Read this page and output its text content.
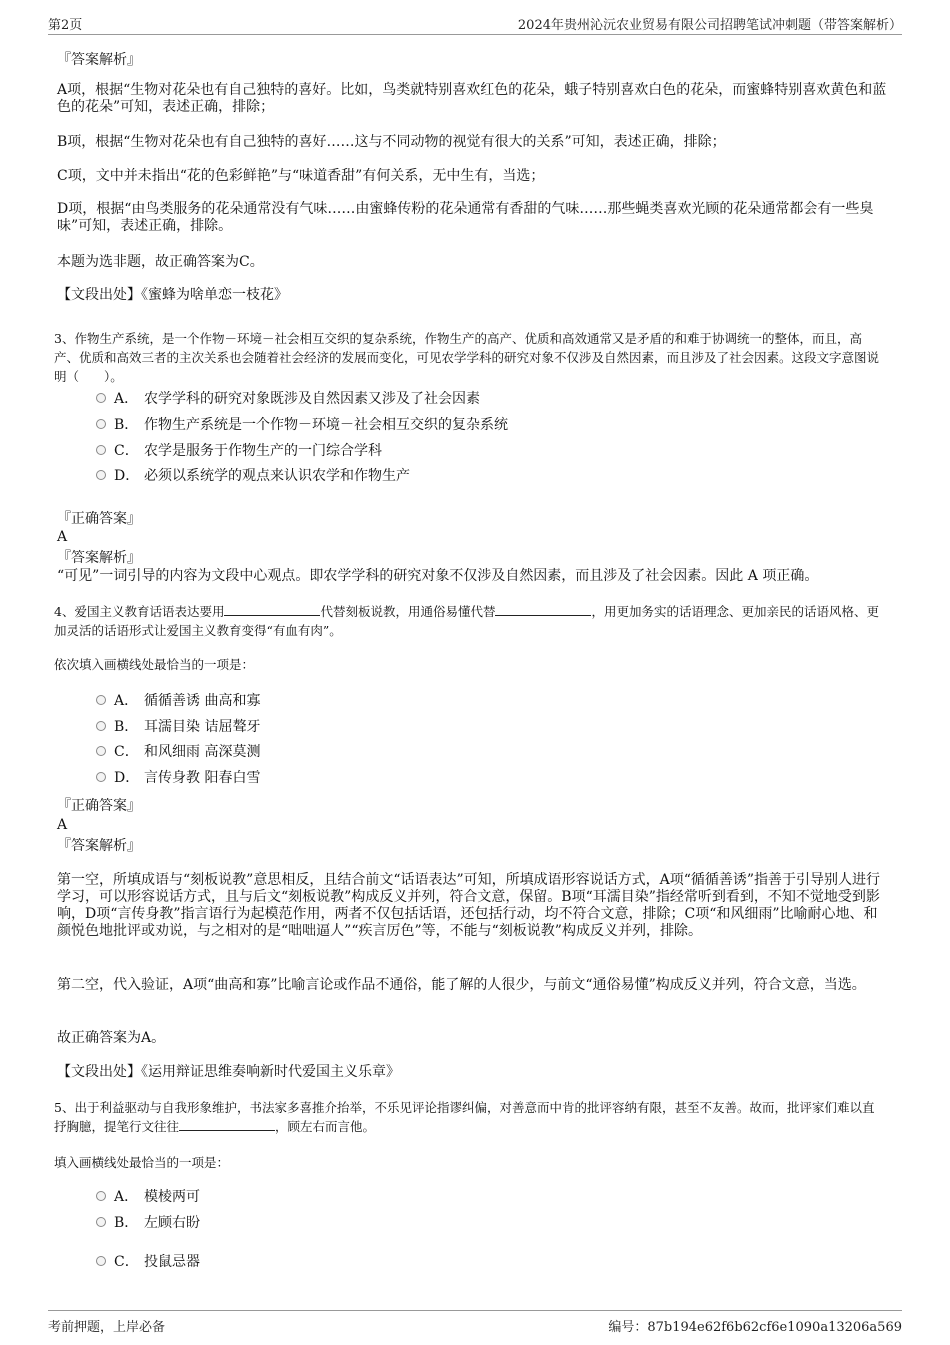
第2页	2024年贵州沁沅农业贸易有限公司招聘笔试冲刺题（带答案解析）
『答案解析』
A项，根据“生物对花朵也有自己独特的喜好。比如，鸟类就特别喜欢红色的花朵，蛾子特别喜欢白色的花朵，而蜜蜂特别喜欢黄色和蓝色的花朵”可知，表述正确，排除；
B项，根据“生物对花朵也有自己独特的喜好……这与不同动物的视觉有很大的关系”可知，表述正确，排除；
C项，文中并未指出“花的色彩鲜艳”与“味道香甜”有何关系，无中生有，当选；
D项，根据“由鸟类服务的花朵通常没有气味……由蜜蜂传粉的花朵通常有香甜的气味……那些蝇类喜欢光顾的花朵通常都会有一些臭味”可知，表述正确，排除。
本题为选非题，故正确答案为C。
【文段出处】《蜜蜂为啥单恋一枝花》
3、作物生产系统，是一个作物－环境－社会相互交织的复杂系统，作物生产的高产、优质和高效通常又是矛盾的和难于协调统一的整体，而且，高产、优质和高效三者的主次关系也会随着社会经济的发展而变化，可见农学学科的研究对象不仅涉及自然因素，而且涉及了社会因素。这段文字意图说明（　　）。
A． 农学学科的研究对象既涉及自然因素又涉及了社会因素
B． 作物生产系统是一个作物－环境－社会相互交织的复杂系统
C． 农学是服务于作物生产的一门综合学科
D． 必须以系统学的观点来认识农学和作物生产
『正确答案』
A
『答案解析』
“可见”一词引导的内容为文段中心观点。即农学学科的研究对象不仅涉及自然因素，而且涉及了社会因素。因此 A 项正确。
4、爱国主义教育话语表达要用	代替刻板说教，用通俗易懂代替	，用更加务实的话语理念、更加亲民的话语风格、更加灵活的话语形式让爱国主义教育变得“有血有肉”。
依次填入画横线处最恰当的一项是：
A． 循循善诱 曲高和寡
B． 耳濡目染 诘屈聱牙
C． 和风细雨 高深莫测
D． 言传身教 阳春白雪
『正确答案』
A
『答案解析』
第一空，所填成语与“刻板说教”意思相反，且结合前文“话语表达”可知，所填成语形容说话方式，A项“循循善诱”指善于引导别人进行学习，可以形容说话方式，且与后文“刻板说教”构成反义并列，符合文意，保留。B项“耳濡目染”指经常听到看到，不知不觉地受到影响，D项“言传身教”指言语行为起模范作用，两者不仅包括话语，还包括行动，均不符合文意，排除；C项“和风细雨”比喻耐心地、和颜悦色地批评或劝说，与之相对的是“咄咄逼人”“疾言厉色”等，不能与“刻板说教”构成反义并列，排除。
第二空，代入验证，A项“曲高和寡”比喻言论或作品不通俗，能了解的人很少，与前文“通俗易懂”构成反义并列，符合文意，当选。
故正确答案为A。
【文段出处】《运用辩证思维奏响新时代爱国主义乐章》
5、出于利益驱动与自我形象维护，书法家多喜推介抬举，不乐见评论指谬纠偏，对善意而中肯的批评容纳有限，甚至不友善。故而，批评家们难以直抒胸臆，提笔行文往往	，顾左右而言他。
填入画横线处最恰当的一项是：
A． 模棱两可
B． 左顾右盼
C． 投鼠忌器
考前押题，上岸必备	编号：87b194e62f6b62cf6e1090a13206a569
